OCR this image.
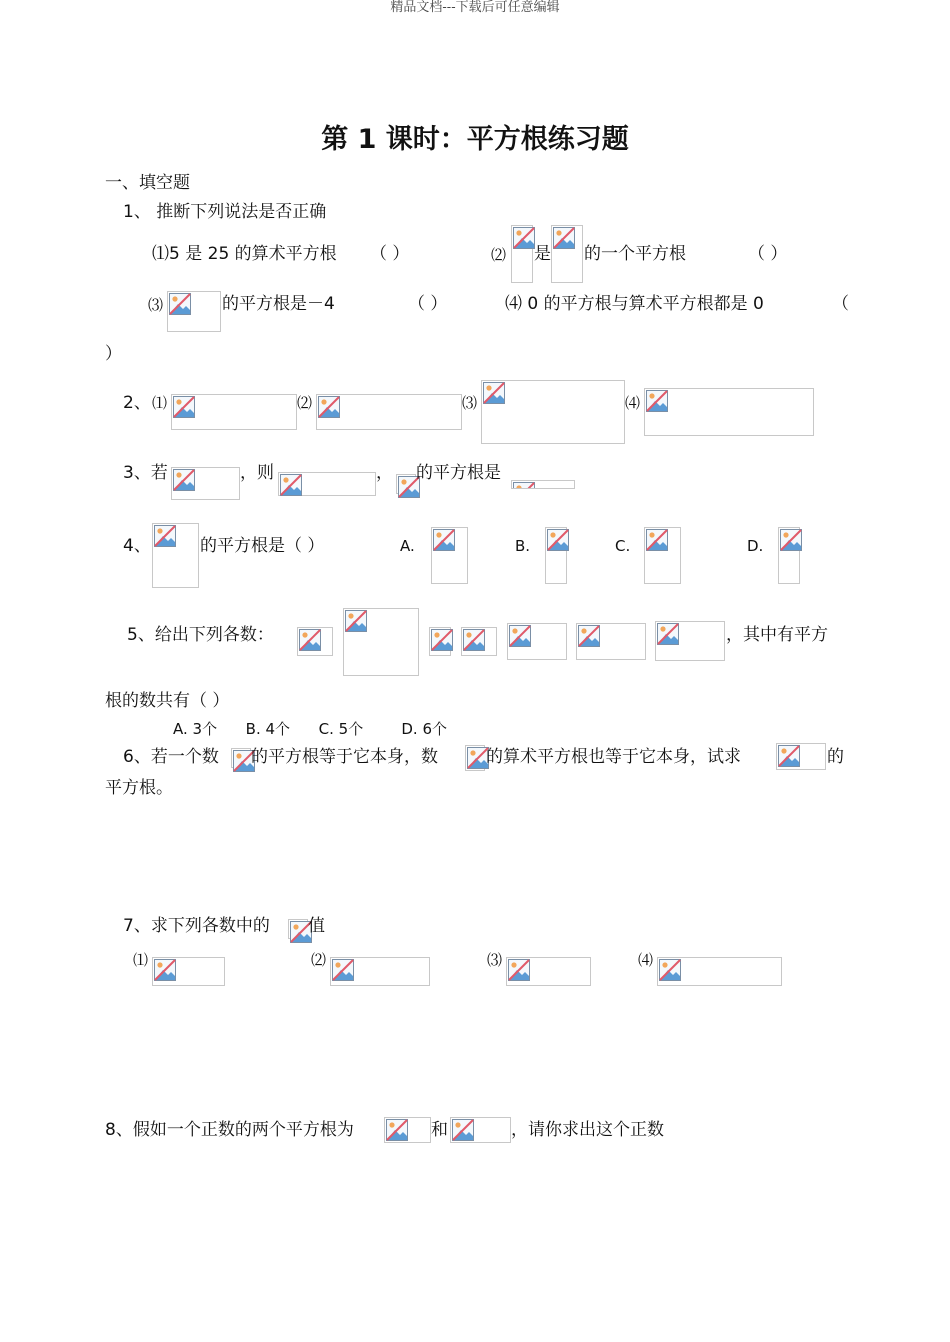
精品文档---下载后可任意编辑
第 1 课时：平方根练习题
一、填空题
1、 推断下列说法是否正确
⑴5 是 25 的算术平方根 （ ）	⑵ 是 的一个平方根	（ ）
⑶	的平方根是－4	（ ）	⑷ 0 的平方根与算术平方根都是 0	（
）
2、 ⑴	⑵	⑶	⑷
3、若	，则	， 的平方根是
4、	的平方根是（ ）	A.	B.	C.	D.
5、给出下列各数：	，其中有平方
根的数共有（ ）
A. 3个      B. 4个      C. 5个        D. 6个
6、若一个数 的平方根等于它本身，数	的算术平方根也等于它本身，试求	的
平方根。
7、求下列各数中的 值
⑴	⑵	⑶	⑷
8、假如一个正数的两个平方根为	和	，请你求出这个正数
